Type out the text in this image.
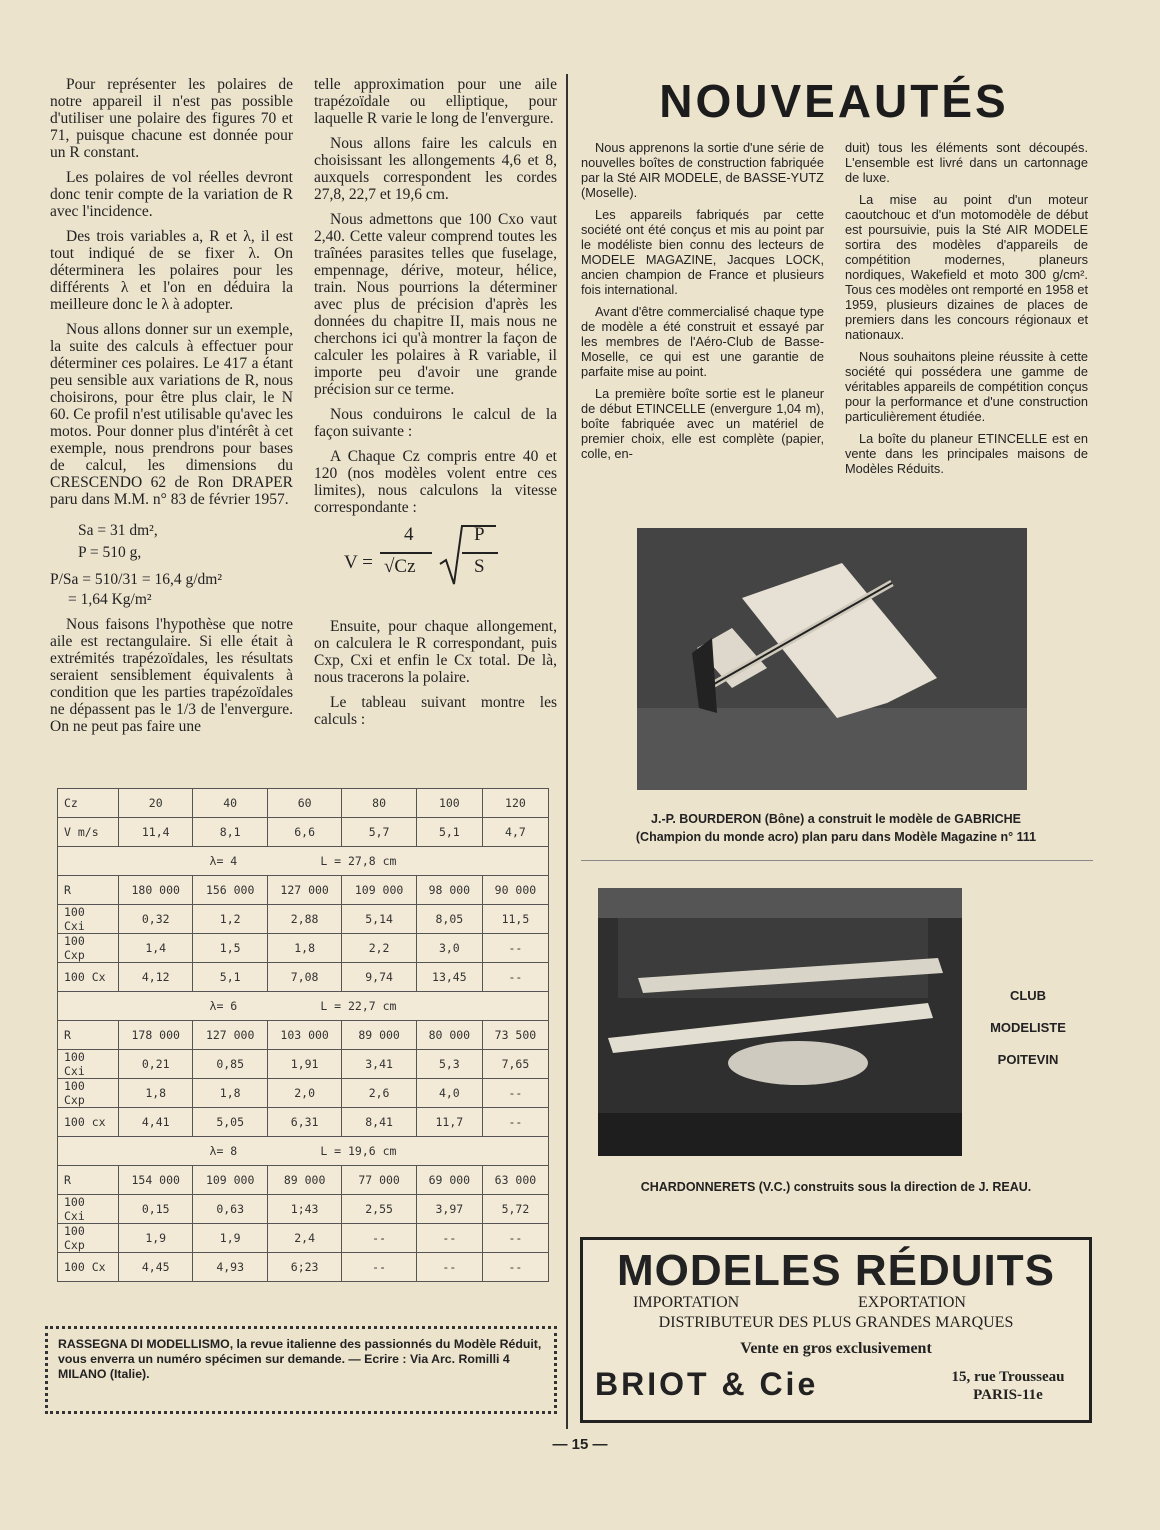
Pour représenter les polaires de notre appareil il n'est pas possible d'utiliser une polaire des figures 70 et 71, puisque chacune est donnée pour un R constant.

Les polaires de vol réelles devront donc tenir compte de la variation de R avec l'incidence.

Des trois variables a, R et λ, il est tout indiqué de se fixer λ. On déterminera les polaires pour les différents λ et l'on en déduira la meilleure donc le λ à adopter.

Nous allons donner sur un exemple, la suite des calculs à effectuer pour déterminer ces polaires. Le 417 a étant peu sensible aux variations de R, nous choisirons, pour être plus clair, le N 60. Ce profil n'est utilisable qu'avec les motos. Pour donner plus d'intérêt à cet exemple, nous prendrons pour bases de calcul, les dimensions du CRESCENDO 62 de Ron DRAPER paru dans M.M. n° 83 de février 1957.

Sa = 31 dm²,
P = 510 g,
P/Sa = 510/31 = 16,4 g/dm²
= 1,64 Kg/m²

Nous faisons l'hypothèse que notre aile est rectangulaire. Si elle était à extrémités trapézoïdales, les résultats seraient sensiblement équivalents à condition que les parties trapézoïdales ne dépassent pas le 1/3 de l'envergure. On ne peut pas faire une

telle approximation pour une aile trapézoïdale ou elliptique, pour laquelle R varie le long de l'envergure.

Nous allons faire les calculs en choisissant les allongements 4,6 et 8, auxquels correspondent les cordes 27,8, 22,7 et 19,6 cm.

Nous admettons que 100 Cxo vaut 2,40. Cette valeur comprend toutes les traînées parasites telles que fuselage, empennage, dérive, moteur, hélice, train. Nous pourrions la déterminer avec plus de précision d'après les données du chapitre II, mais nous ne cherchons ici qu'à montrer la façon de calculer les polaires à R variable, il importe peu d'avoir une grande précision sur ce terme.

Nous conduirons le calcul de la façon suivante :

A Chaque Cz compris entre 40 et 120 (nos modèles volent entre ces limites), nous calculons la vitesse correspondante :

V =
4
√Cz
P
S

Ensuite, pour chaque allongement, on calculera le R correspondant, puis Cxp, Cxi et enfin le Cx total. De là, nous tracerons la polaire.

Le tableau suivant montre les calculs :

Cz	20	40	60	80	100	120
V m/s	11,4	8,1	6,6	5,7	5,1	4,7
λ= 4 L = 27,8 cm						
R	180 000	156 000	127 000	109 000	98 000	90 000
100 Cxi	0,32	1,2	2,88	5,14	8,05	11,5
100 Cxp	1,4	1,5	1,8	2,2	3,0	--
100 Cx	4,12	5,1	7,08	9,74	13,45	--
λ= 6 L = 22,7 cm						
R	178 000	127 000	103 000	89 000	80 000	73 500
100 Cxi	0,21	0,85	1,91	3,41	5,3	7,65
100 Cxp	1,8	1,8	2,0	2,6	4,0	--
100 cx	4,41	5,05	6,31	8,41	11,7	--
λ= 8 L = 19,6 cm						
R	154 000	109 000	89 000	77 000	69 000	63 000
100 Cxi	0,15	0,63	1;43	2,55	3,97	5,72
100 Cxp	1,9	1,9	2,4	--	--	--
100 Cx	4,45	4,93	6;23	--	--	--
RASSEGNA DI MODELLISMO, la revue italienne des passionnés du Modèle Réduit, vous enverra un numéro spécimen sur demande. — Ecrire : Via Arc. Romilli 4 MILANO (Italie).
— 15 —
NOUVEAUTÉS

Nous apprenons la sortie d'une série de nouvelles boîtes de construction fabriquée par la Sté AIR MODELE, de BASSE-YUTZ (Moselle).

Les appareils fabriqués par cette société ont été conçus et mis au point par le modéliste bien connu des lecteurs de MODELE MAGAZINE, Jacques LOCK, ancien champion de France et plusieurs fois international.

Avant d'être commercialisé chaque type de modèle a été construit et essayé par les membres de l'Aéro-Club de Basse-Moselle, ce qui est une garantie de parfaite mise au point.

La première boîte sortie est le planeur de début ETINCELLE (envergure 1,04 m), boîte fabriquée avec un matériel de premier choix, elle est complète (papier, colle, en-

duit) tous les éléments sont découpés. L'ensemble est livré dans un cartonnage de luxe.

La mise au point d'un moteur caoutchouc et d'un motomodèle de début est poursuivie, puis la Sté AIR MODELE sortira des modèles d'appareils de compétition modernes, planeurs nordiques, Wakefield et moto 300 g/cm². Tous ces modèles ont remporté en 1958 et 1959, plusieurs dizaines de places de premiers dans les concours régionaux et nationaux.

Nous souhaitons pleine réussite à cette société qui possédera une gamme de véritables appareils de compétition conçus pour la performance et d'une construction particulièrement étudiée.

La boîte du planeur ETINCELLE est en vente dans les principales maisons de Modèles Réduits.

J.-P. BOURDERON (Bône) a construit le modèle de GABRICHE
(Champion du monde acro) plan paru dans Modèle Magazine n° 111
CLUB
MODELISTE
POITEVIN
CHARDONNERETS (V.C.) construits sous la direction de J. REAU.
MODELES RÉDUITS
IMPORTATION	EXPORTATION
DISTRIBUTEUR DES PLUS GRANDES MARQUES
Vente en gros exclusivement
BRIOT & Cie	15, rue Trousseau
PARIS-11e
